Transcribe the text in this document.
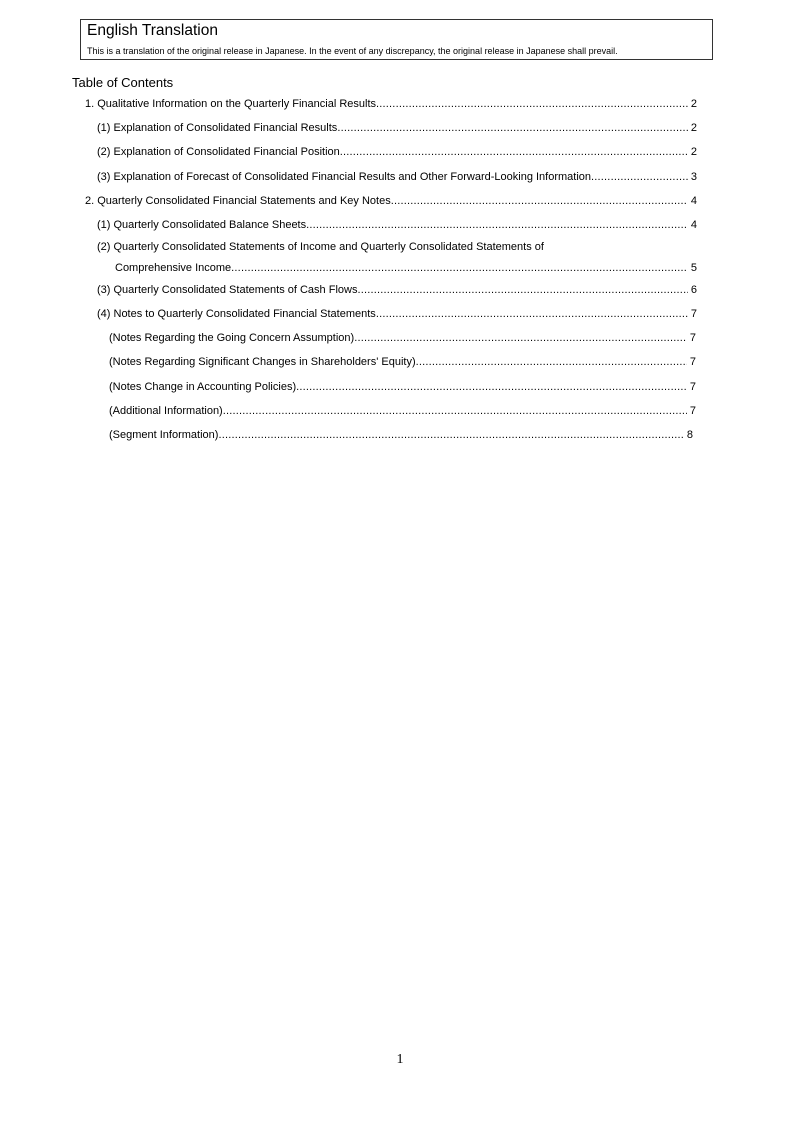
English Translation
This is a translation of the original release in Japanese. In the event of any discrepancy, the original release in Japanese shall prevail.
Table of Contents
1. Qualitative Information on the Quarterly Financial Results .....	2
(1) Explanation of Consolidated Financial Results .....	2
(2) Explanation of Consolidated Financial Position .....	2
(3) Explanation of Forecast of Consolidated Financial Results and Other Forward-Looking Information .....	3
2. Quarterly Consolidated Financial Statements and Key Notes .....	4
(1) Quarterly Consolidated Balance Sheets .....	4
(2) Quarterly Consolidated Statements of Income and Quarterly Consolidated Statements of
Comprehensive Income .....	5
(3) Quarterly Consolidated Statements of Cash Flows .....	6
(4) Notes to Quarterly Consolidated Financial Statements .....	7
(Notes Regarding the Going Concern Assumption) .....	7
(Notes Regarding Significant Changes in Shareholders' Equity) .....	7
(Notes Change in Accounting Policies) .....	7
(Additional Information) .....	7
(Segment Information) .....	8
1
